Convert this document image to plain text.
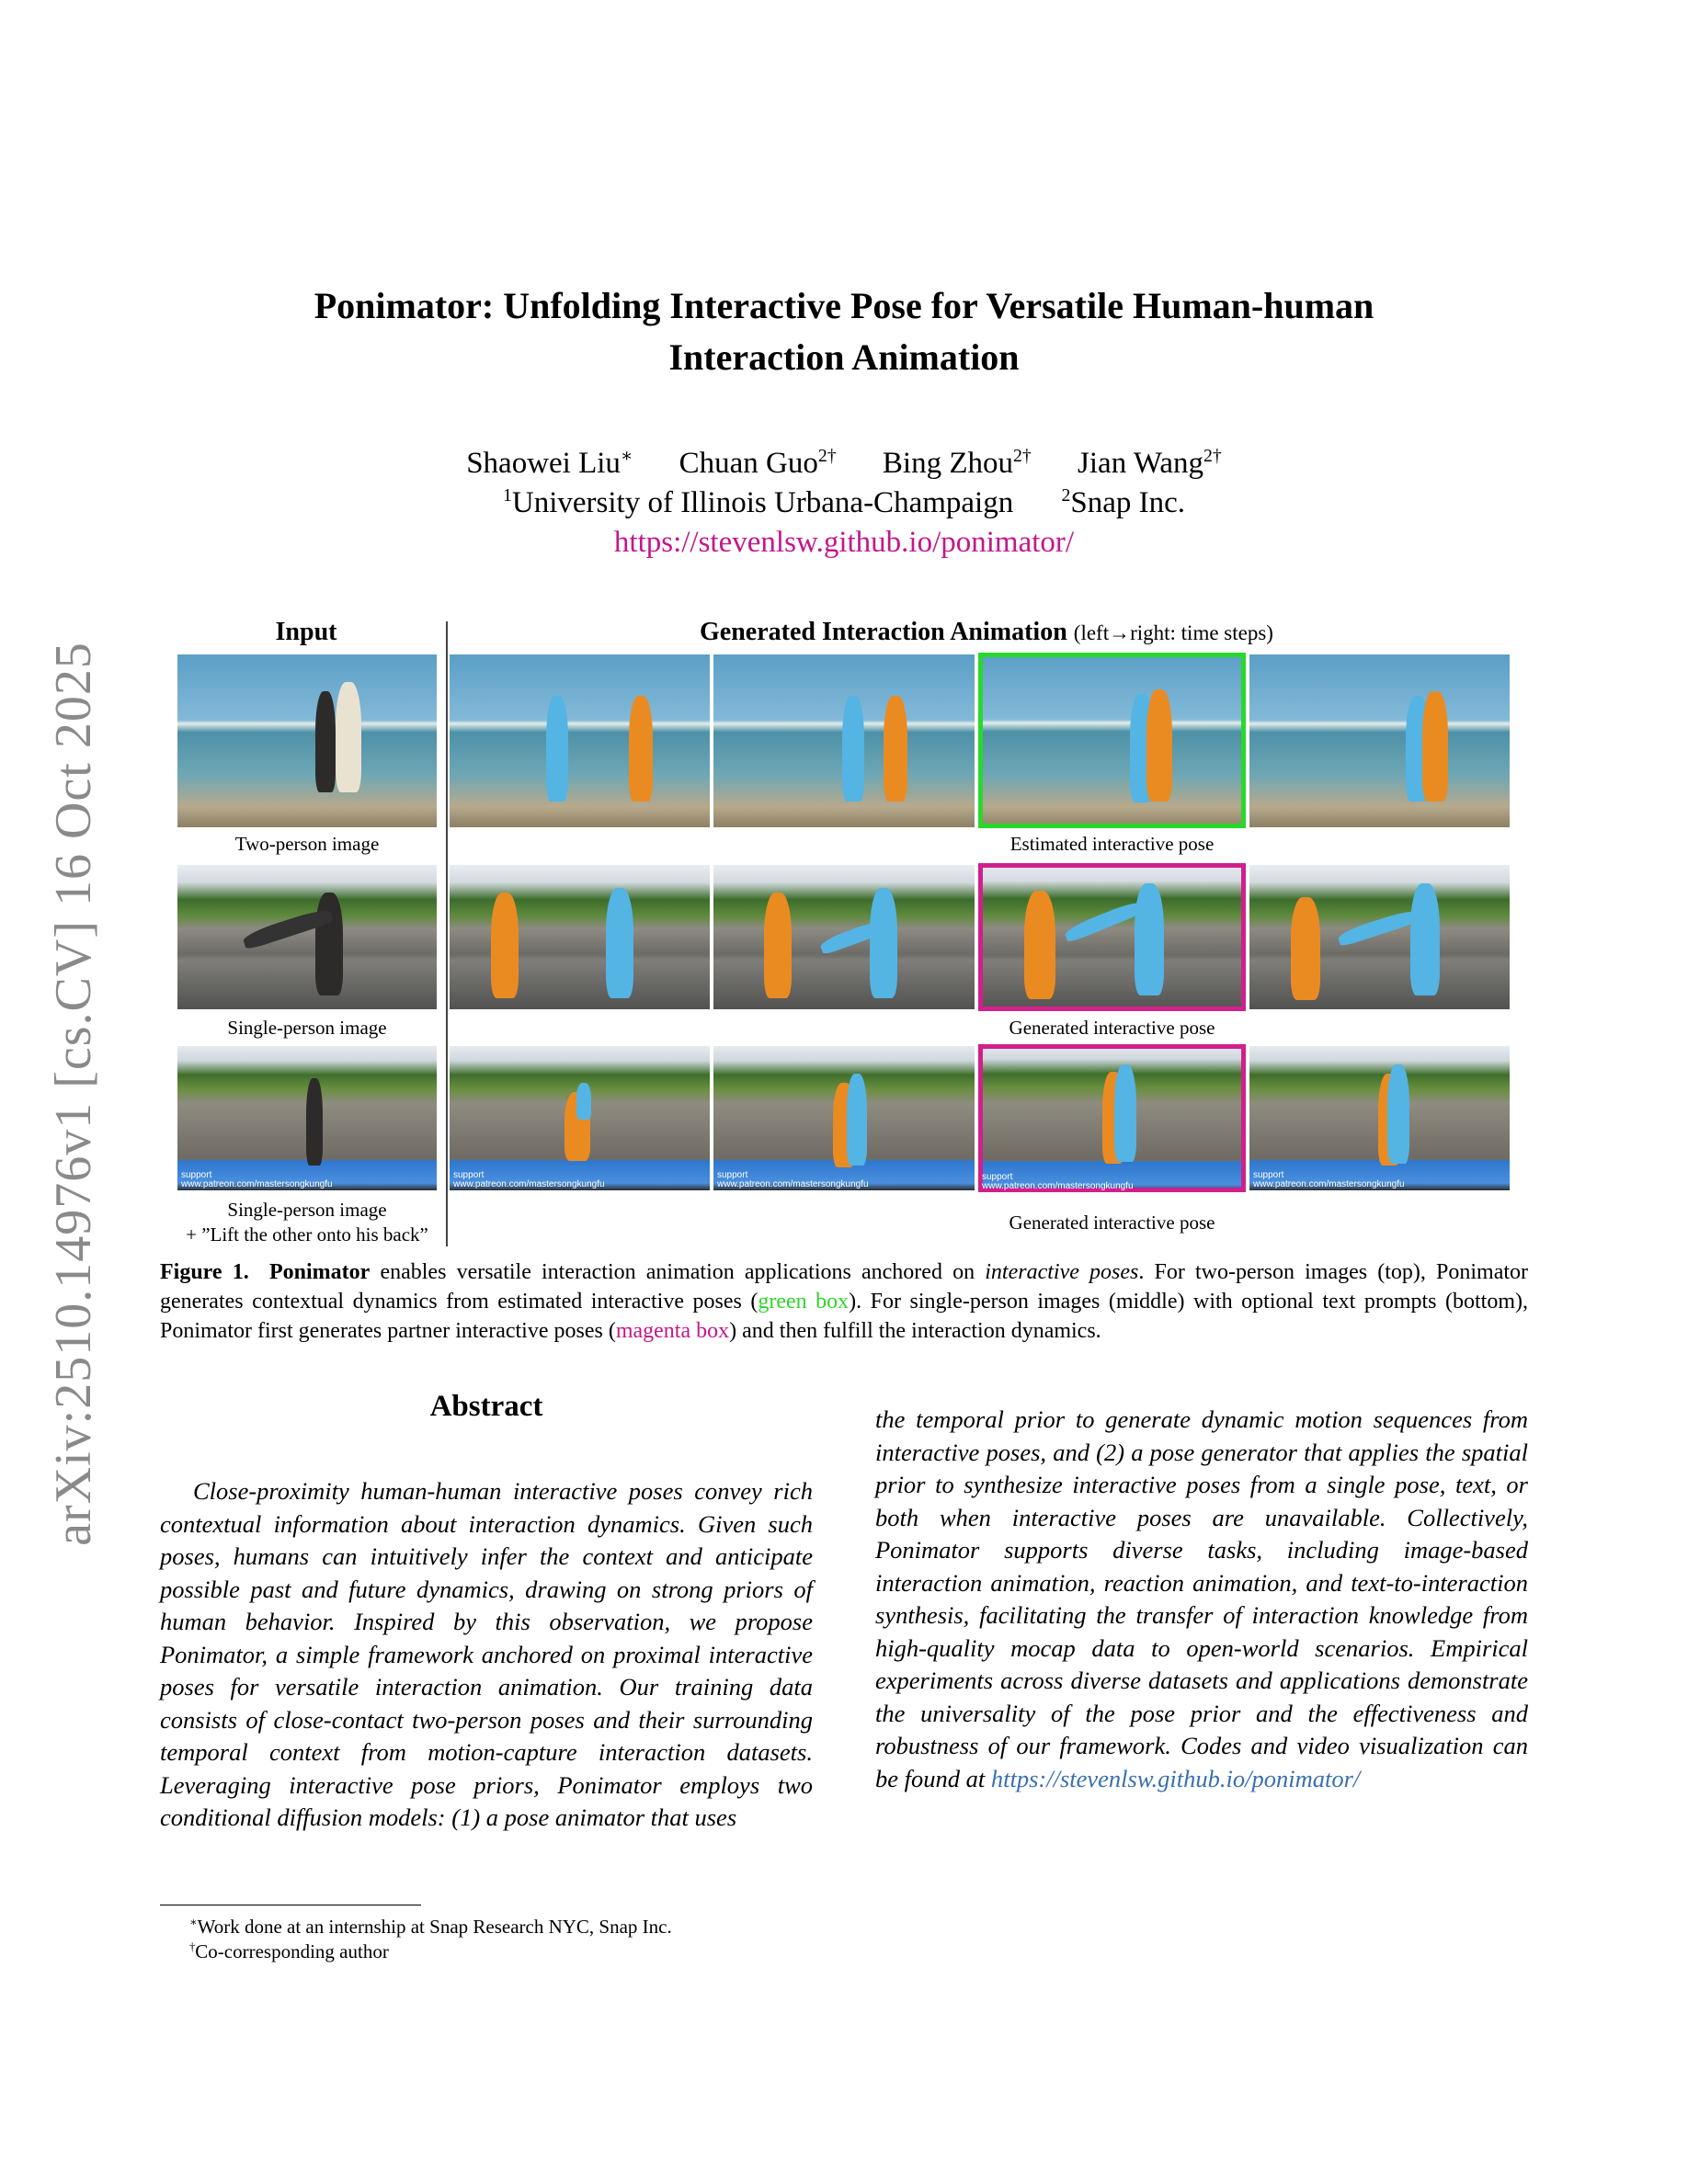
arXiv:2510.14976v1 [cs.CV] 16 Oct 2025
Ponimator: Unfolding Interactive Pose for Versatile Human-human
Interaction Animation
Shaowei Liu∗ Chuan Guo$^{2\dagger}$ Bing Zhou$^{2\dagger}$ Jian Wang$^{2\dagger}$
$^1$University of Illinois Urbana-Champaign	$^2$Snap Inc.
https://stevenlsw.github.io/ponimator/
Input	Generated Interaction Animation (left→right: time steps)
Two-person image	Estimated interactive pose
Single-person image	Generated interactive pose
support
www.patreon.com/mastersongkungfu
support
www.patreon.com/mastersongkungfu
support
www.patreon.com/mastersongkungfu
support
www.patreon.com/mastersongkungfu
support
www.patreon.com/mastersongkungfu
Single-person image
+ ”Lift the other onto his back”
Generated interactive pose
Figure 1. Ponimator enables versatile interaction animation applications anchored on interactive poses. For two-person images (top), Ponimator generates contextual dynamics from estimated interactive poses (green box). For single-person images (middle) with optional text prompts (bottom), Ponimator first generates partner interactive poses (magenta box) and then fulfill the interaction dynamics.
Abstract
Close-proximity human-human interactive poses convey rich contextual information about interaction dynamics. Given such poses, humans can intuitively infer the context and anticipate possible past and future dynamics, drawing on strong priors of human behavior. Inspired by this observation, we propose Ponimator, a simple framework anchored on proximal interactive poses for versatile interaction animation. Our training data consists of close-contact two-person poses and their surrounding temporal context from motion-capture interaction datasets. Leveraging interactive pose priors, Ponimator employs two conditional diffusion models: (1) a pose animator that uses
the temporal prior to generate dynamic motion sequences from interactive poses, and (2) a pose generator that applies the spatial prior to synthesize interactive poses from a single pose, text, or both when interactive poses are unavailable. Collectively, Ponimator supports diverse tasks, including image-based interaction animation, reaction animation, and text-to-interaction synthesis, facilitating the transfer of interaction knowledge from high-quality mocap data to open-world scenarios. Empirical experiments across diverse datasets and applications demonstrate the universality of the pose prior and the effectiveness and robustness of our framework. Codes and video visualization can be found at https://stevenlsw.github.io/ponimator/
∗Work done at an internship at Snap Research NYC, Snap Inc.
†Co-corresponding author
